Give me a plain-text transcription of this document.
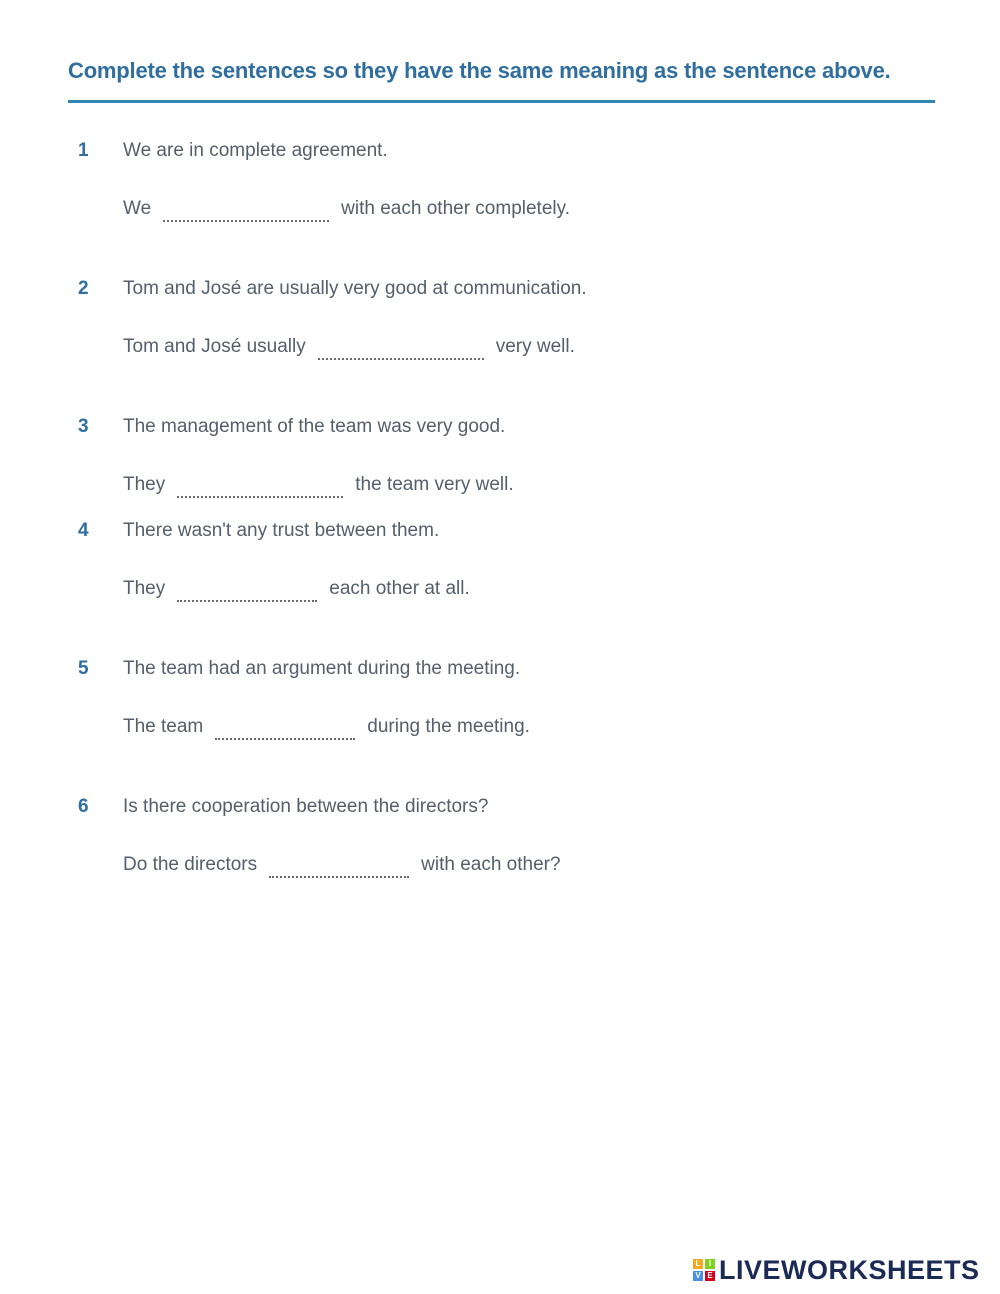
Complete the sentences so they have the same meaning as the sentence above.
1 We are in complete agreement.
We	with each other completely.
2 Tom and José are usually very good at communication.
Tom and José usually	very well.
3 The management of the team was very good.
They	the team very well.
4 There wasn't any trust between them.
They	each other at all.
5 The team had an argument during the meeting.
The team	during the meeting.
6 Is there cooperation between the directors?
Do the directors	with each other?
L	I
V E LIVEWORKSHEETS
